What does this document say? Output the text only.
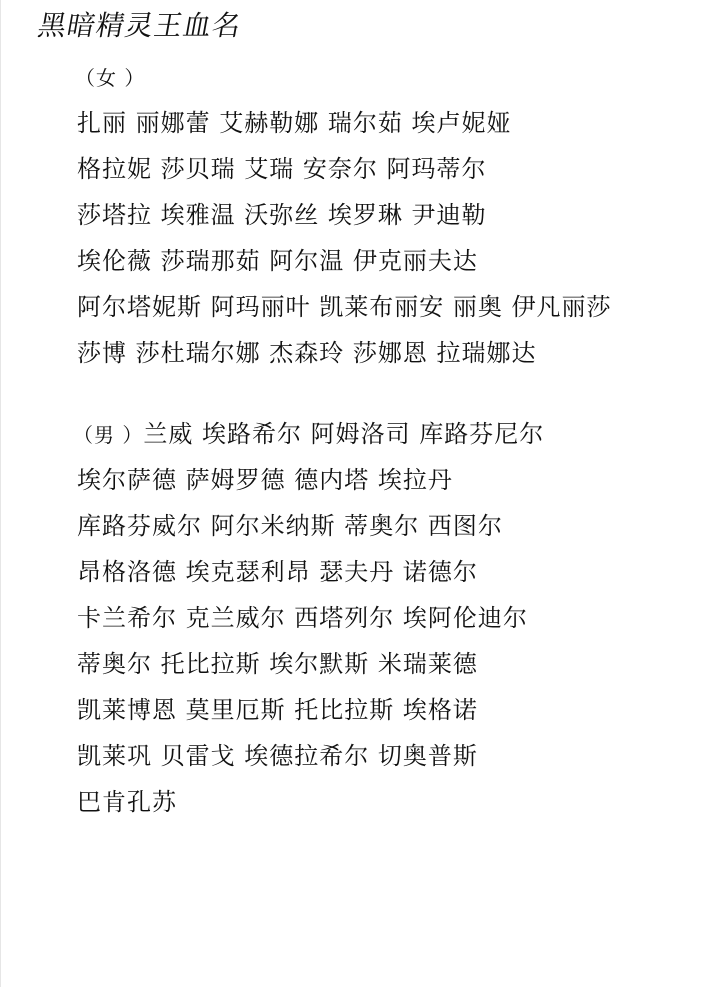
黑暗精灵王血名
（女 ）
扎丽 丽娜蕾 艾赫勒娜 瑞尔茹 埃卢妮娅
格拉妮 莎贝瑞 艾瑞 安奈尔 阿玛蒂尔
莎塔拉 埃雅温 沃弥丝 埃罗琳 尹迪勒
埃伦薇 莎瑞那茹 阿尔温 伊克丽夫达
阿尔塔妮斯 阿玛丽叶 凯莱布丽安 丽奥 伊凡丽莎
莎博 莎杜瑞尔娜 杰森玲 莎娜恩 拉瑞娜达
（男 ）兰威 埃路希尔 阿姆洛司 库路芬尼尔
埃尔萨德 萨姆罗德 德内塔 埃拉丹
库路芬威尔 阿尔米纳斯 蒂奥尔 西图尔
昂格洛德 埃克瑟利昂 瑟夫丹 诺德尔
卡兰希尔 克兰威尔 西塔列尔 埃阿伦迪尔
蒂奥尔 托比拉斯 埃尔默斯 米瑞莱德
凯莱博恩 莫里厄斯 托比拉斯 埃格诺
凯莱巩 贝雷戈 埃德拉希尔 切奥普斯
巴肯孔苏
